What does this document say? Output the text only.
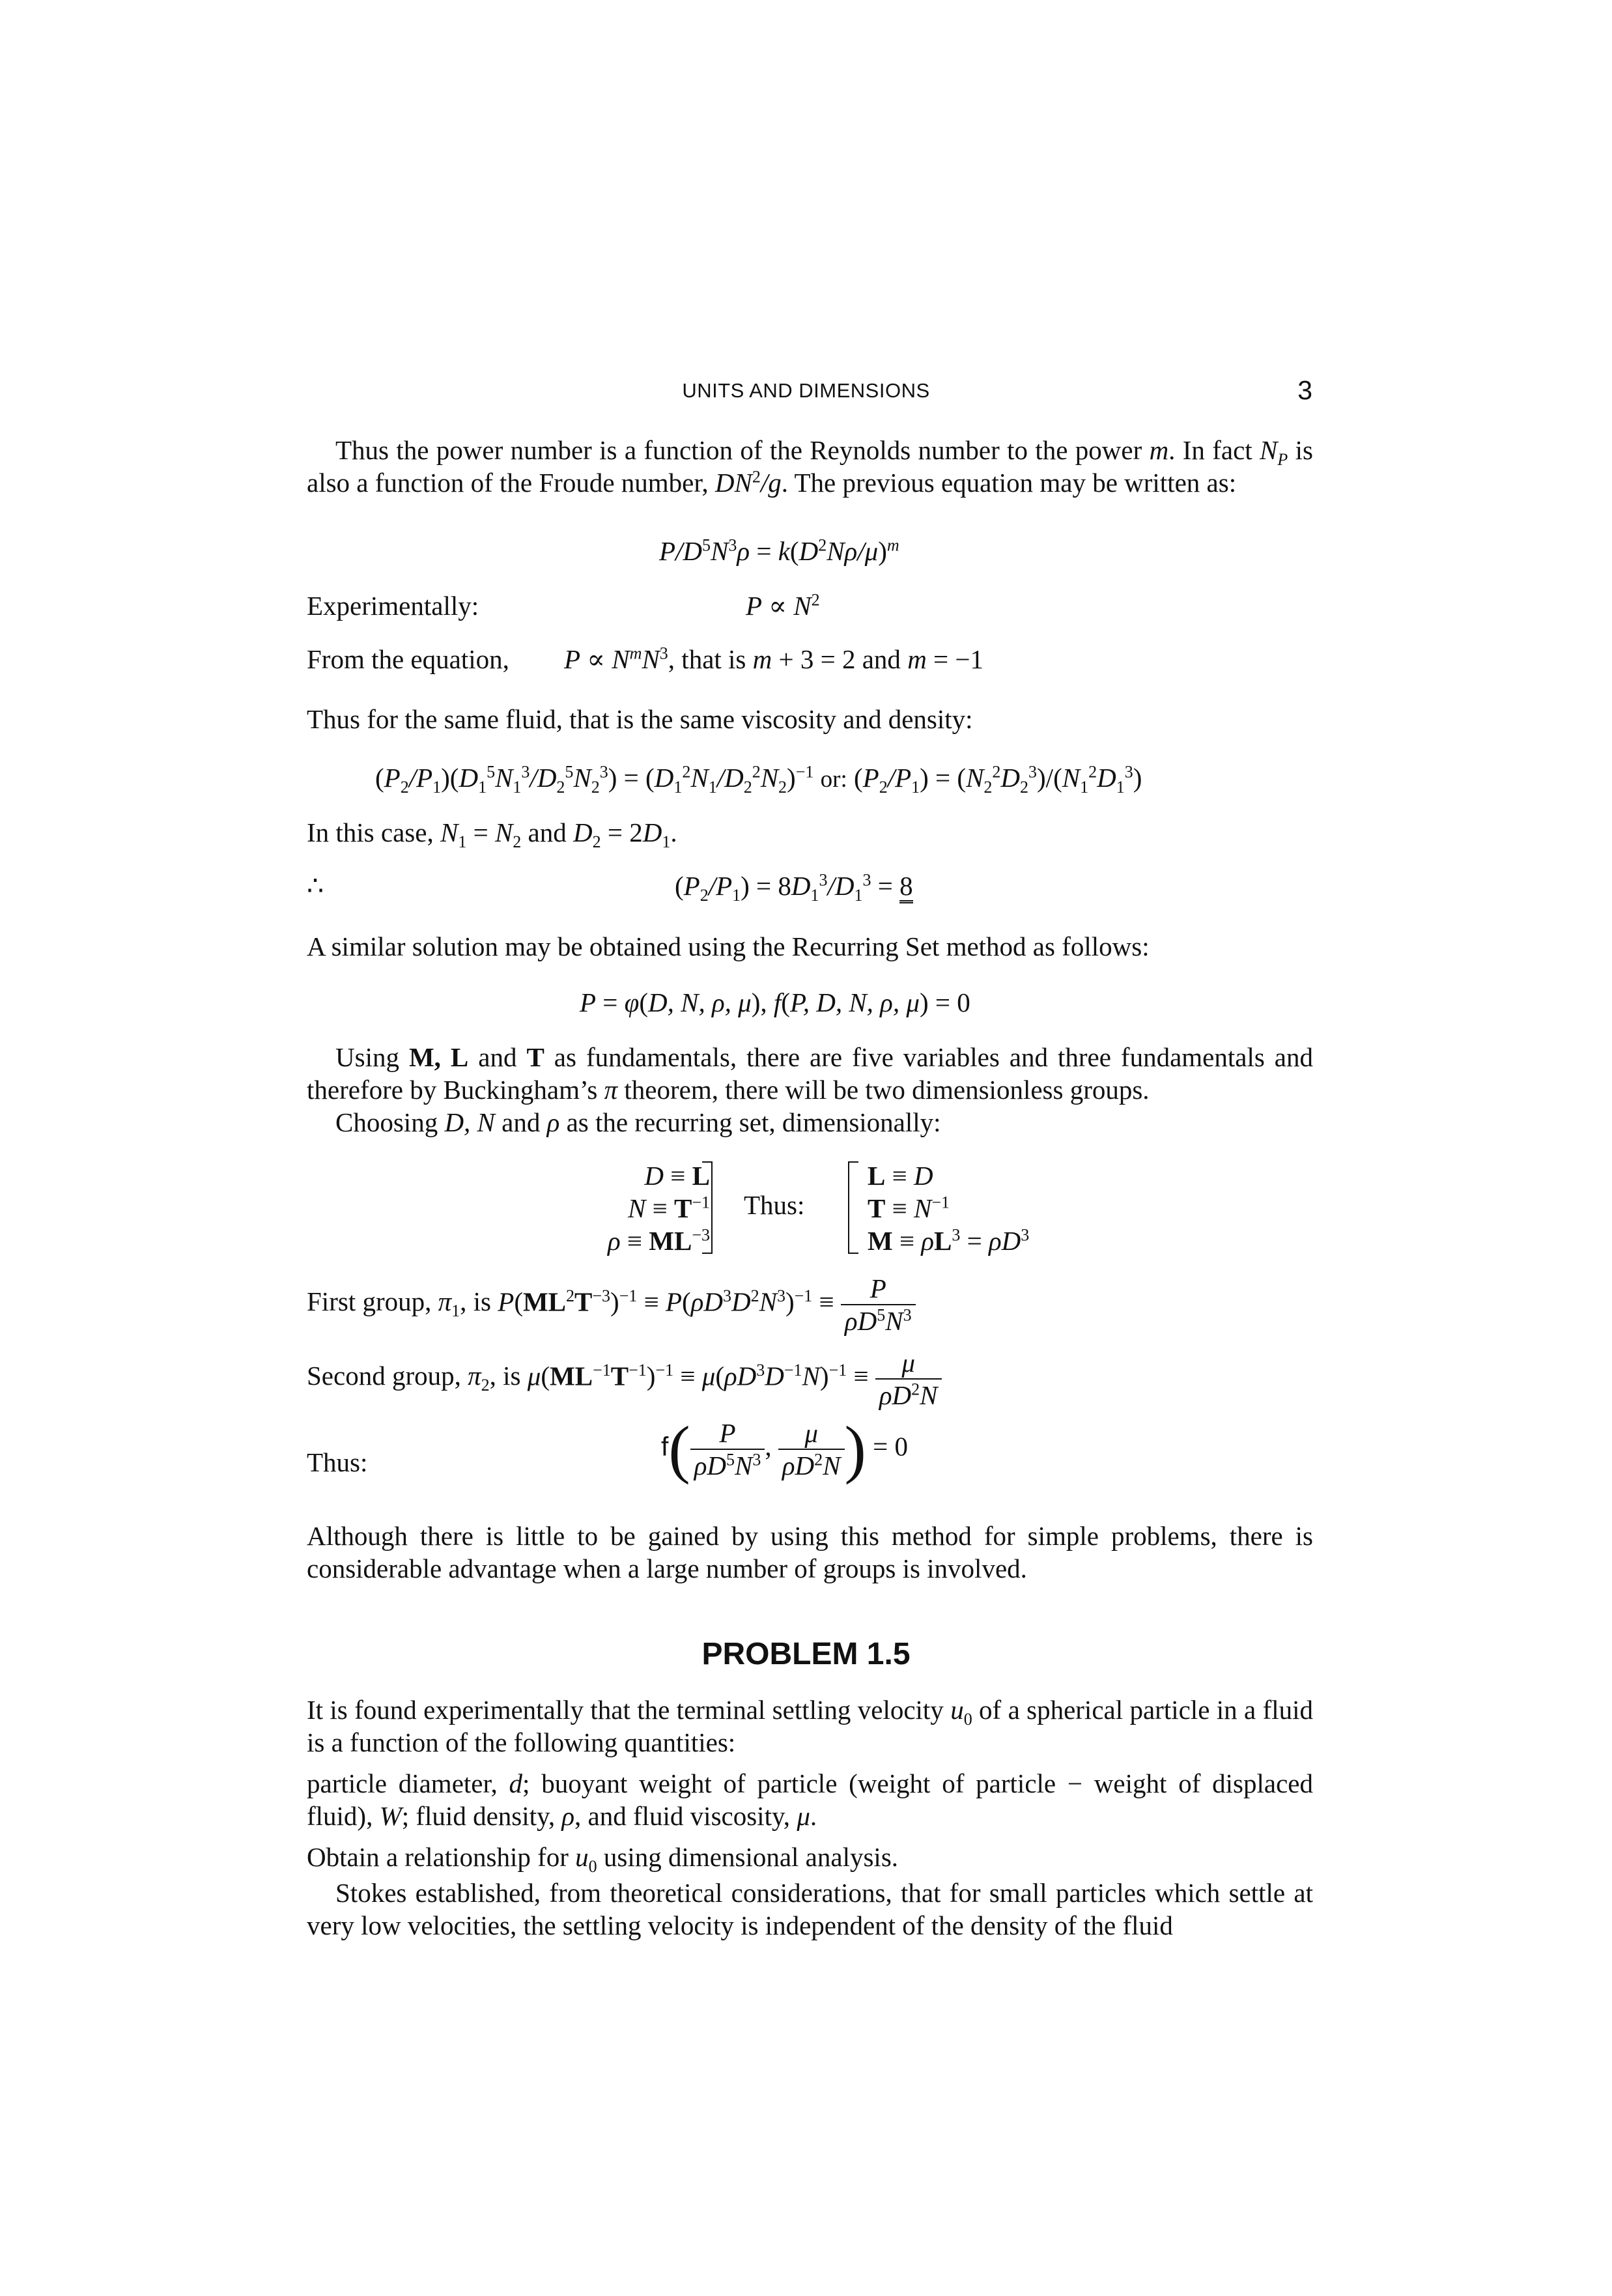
UNITS AND DIMENSIONS	3
Thus the power number is a function of the Reynolds number to the power m. In fact $N_P$ is also a function of the Froude number, $DN^2/g$. The previous equation may be written as:
$P/D^5N^3\rho = k(D^2N\rho/\mu)^m$
Experimentally:	$P \propto N^2$
From the equation, $P \propto N^mN^3$, that is m + 3 = 2 and m = −1
Thus for the same fluid, that is the same viscosity and density:
$(P_2/P_1)(D_1^5N_1^3/D_2^5N_2^3) = (D_1^2N_1/D_2^2N_2)^{-1}$ or: $(P_2/P_1) = (N_2^2D_2^3)/(N_1^2D_1^3)$
In this case, $N_1 = N_2$ and $D_2 = 2D_1$.
∴	$(P_2/P_1) = 8D_1^3/D_1^3 = 8$
A similar solution may be obtained using the Recurring Set method as follows:
P = φ(D, N, ρ, μ), f(P, D, N, ρ, μ) = 0
Using M, L and T as fundamentals, there are five variables and three fundamentals and therefore by Buckingham’s π theorem, there will be two dimensionless groups.
Choosing D, N and ρ as the recurring set, dimensionally:
D ≡ L
$N \equiv T^{-1}$
$\rho \equiv ML^{-3}$
Thus:
L ≡ D
$T \equiv N^{-1}$
$M \equiv \rho L^3 = \rho D^3$
First group, $\pi_1$, is $P(ML^2T^{-3})^{-1} \equiv P(\rho D^3D^2N^3)^{-1} \equiv \frac{P}{\rho D^5N^3}$
Second group, $\pi_2$, is $\mu(ML^{-1}T^{-1})^{-1} \equiv \mu(\rho D^3D^{-1}N)^{-1} \equiv \frac{\mu}{\rho D^2N}$
Thus:
$f( \frac{P}{\rho D^5N^3}$ , $\frac{\mu}{\rho D^2N}$ ) = 0
Although there is little to be gained by using this method for simple problems, there is considerable advantage when a large number of groups is involved.
PROBLEM 1.5
It is found experimentally that the terminal settling velocity $u_0$ of a spherical particle in a fluid is a function of the following quantities:
particle diameter, d; buoyant weight of particle (weight of particle − weight of displaced fluid), W; fluid density, ρ, and fluid viscosity, μ.
Obtain a relationship for $u_0$ using dimensional analysis.
Stokes established, from theoretical considerations, that for small particles which settle at very low velocities, the settling velocity is independent of the density of the fluid
